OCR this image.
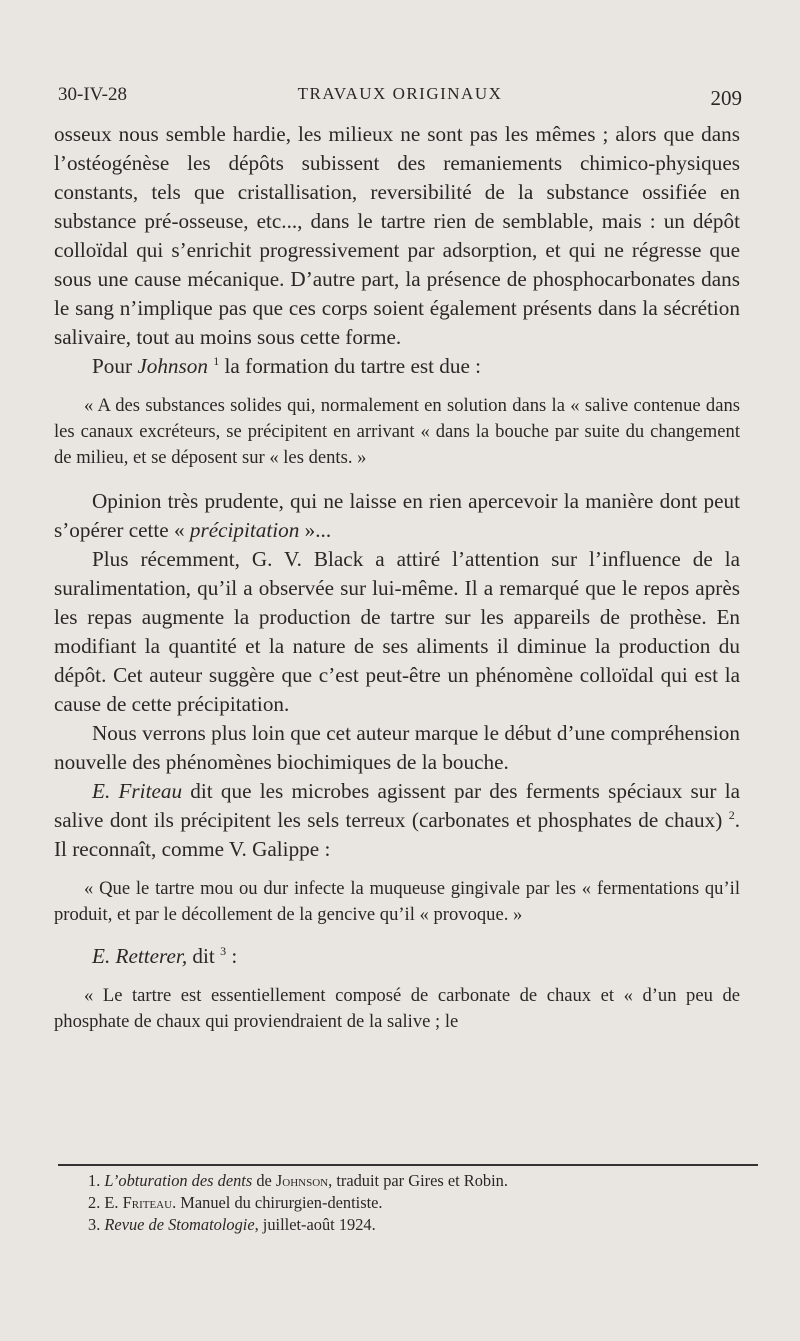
30-IV-28	TRAVAUX ORIGINAUX	209

osseux nous semble hardie, les milieux ne sont pas les mêmes ; alors que dans l’ostéogénèse les dépôts subissent des remaniements chimico-physiques constants, tels que cristallisation, reversibilité de la substance ossifiée en substance pré-osseuse, etc..., dans le tartre rien de semblable, mais : un dépôt colloïdal qui s’enrichit progressivement par adsorption, et qui ne régresse que sous une cause mécanique. D’autre part, la présence de phosphocarbonates dans le sang n’implique pas que ces corps soient également présents dans la sécrétion salivaire, tout au moins sous cette forme.

Pour Johnson $^1$ la formation du tartre est due :

« A des substances solides qui, normalement en solution dans la « salive contenue dans les canaux excréteurs, se précipitent en arrivant « dans la bouche par suite du changement de milieu, et se déposent sur « les dents. »

Opinion très prudente, qui ne laisse en rien apercevoir la manière dont peut s’opérer cette « précipitation »...

Plus récemment, G. V. Black a attiré l’attention sur l’influence de la suralimentation, qu’il a observée sur lui-même. Il a remarqué que le repos après les repas augmente la production de tartre sur les appareils de prothèse. En modifiant la quantité et la nature de ses aliments il diminue la production du dépôt. Cet auteur suggère que c’est peut-être un phénomène colloïdal qui est la cause de cette précipitation.

Nous verrons plus loin que cet auteur marque le début d’une compréhension nouvelle des phénomènes biochimiques de la bouche.

E. Friteau dit que les microbes agissent par des ferments spéciaux sur la salive dont ils précipitent les sels terreux (carbonates et phosphates de chaux) $^2$. Il reconnaît, comme V. Galippe :

« Que le tartre mou ou dur infecte la muqueuse gingivale par les « fermentations qu’il produit, et par le décollement de la gencive qu’il « provoque. »

E. Retterer, dit $^3$ :

« Le tartre est essentiellement composé de carbonate de chaux et « d’un peu de phosphate de chaux qui proviendraient de la salive ; le

1. L’obturation des dents de Johnson, traduit par Gires et Robin.

2. E. Friteau. Manuel du chirurgien-dentiste.

3. Revue de Stomatologie, juillet-août 1924.
